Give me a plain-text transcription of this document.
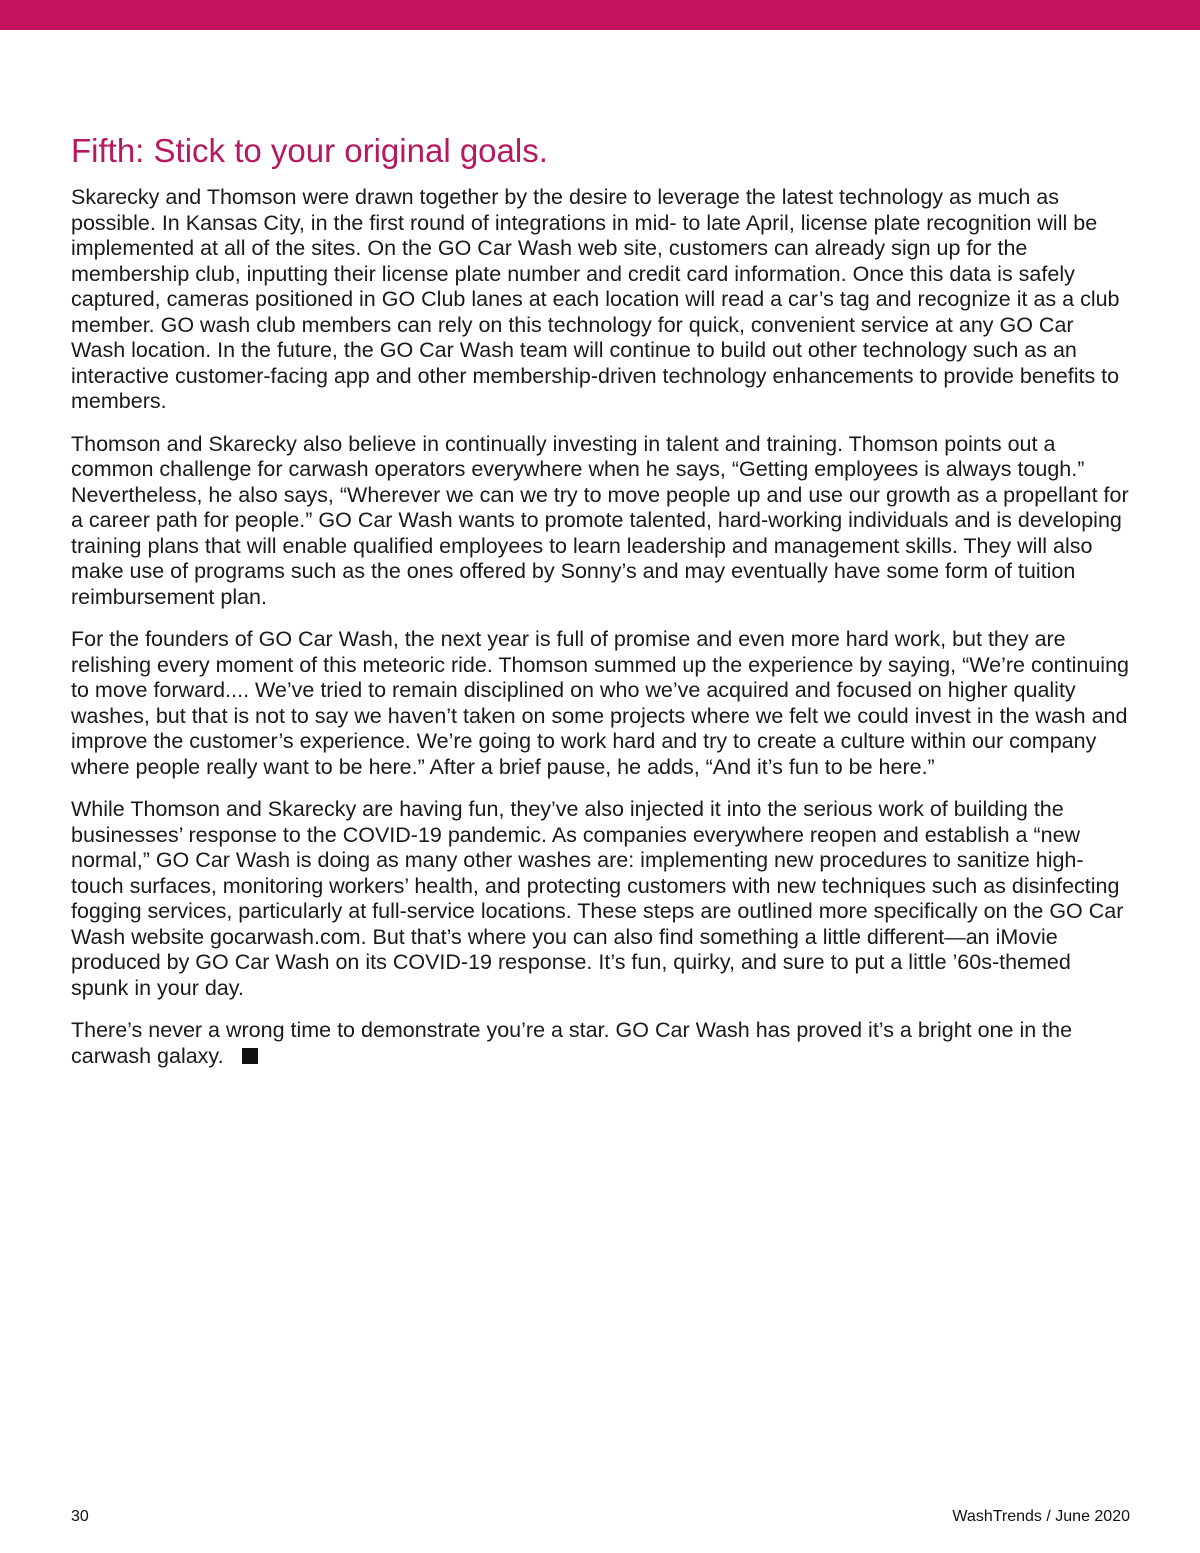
Fifth: Stick to your original goals.

Skarecky and Thomson were drawn together by the desire to leverage the latest technology as much as possible. In Kansas City, in the first round of integrations in mid- to late April, license plate recognition will be implemented at all of the sites. On the GO Car Wash web site, customers can already sign up for the membership club, inputting their license plate number and credit card information. Once this data is safely captured, cameras positioned in GO Club lanes at each location will read a car’s tag and recognize it as a club member. GO wash club members can rely on this technology for quick, convenient service at any GO Car Wash location. In the future, the GO Car Wash team will continue to build out other technology such as an interactive customer-facing app and other membership-driven technology enhancements to provide benefits to members.

Thomson and Skarecky also believe in continually investing in talent and training. Thomson points out a common challenge for carwash operators everywhere when he says, “Getting employees is always tough.” Nevertheless, he also says, “Wherever we can we try to move people up and use our growth as a propellant for a career path for people.” GO Car Wash wants to promote talented, hard-working individuals and is developing training plans that will enable qualified employees to learn leadership and management skills. They will also make use of programs such as the ones offered by Sonny’s and may eventually have some form of tuition reimbursement plan.

For the founders of GO Car Wash, the next year is full of promise and even more hard work, but they are relishing every moment of this meteoric ride. Thomson summed up the experience by saying, “We’re continuing to move forward.... We’ve tried to remain disciplined on who we’ve acquired and focused on higher quality washes, but that is not to say we haven’t taken on some projects where we felt we could invest in the wash and improve the customer’s experience. We’re going to work hard and try to create a culture within our company where people really want to be here.” After a brief pause, he adds, “And it’s fun to be here.”

While Thomson and Skarecky are having fun, they’ve also injected it into the serious work of building the businesses’ response to the COVID-19 pandemic. As companies everywhere reopen and establish a “new normal,” GO Car Wash is doing as many other washes are: implementing new procedures to sanitize high-touch surfaces, monitoring workers’ health, and protecting customers with new techniques such as disinfecting fogging services, particularly at full-service locations. These steps are outlined more specifically on the GO Car Wash website gocarwash.com. But that’s where you can also find something a little different—an iMovie produced by GO Car Wash on its COVID-19 response. It’s fun, quirky, and sure to put a little ’60s-themed spunk in your day.

There’s never a wrong time to demonstrate you’re a star. GO Car Wash has proved it’s a bright one in the carwash galaxy.

30	WashTrends / June 2020
